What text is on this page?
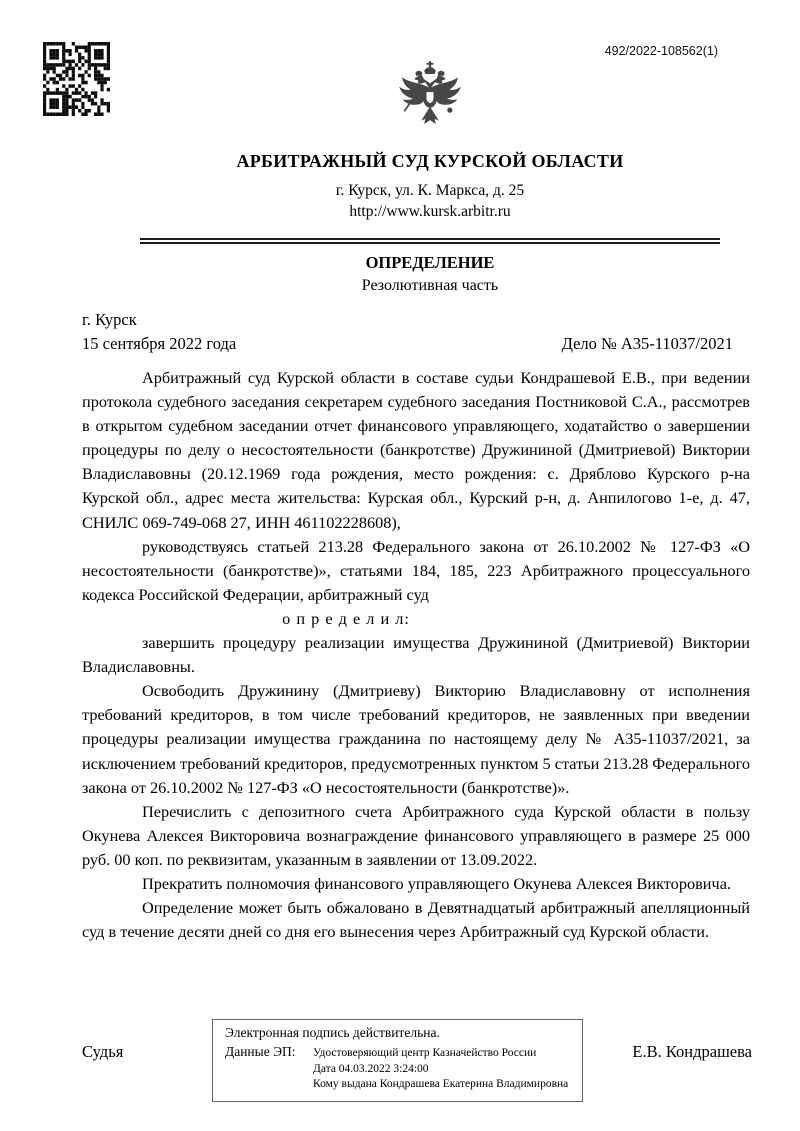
492/2022-108562(1)
АРБИТРАЖНЫЙ СУД КУРСКОЙ ОБЛАСТИ
г. Курск, ул. К. Маркса, д. 25
http://www.kursk.arbitr.ru
ОПРЕДЕЛЕНИЕ
Резолютивная часть
г. Курск
15 сентября 2022 года	Дело № А35-11037/2021

Арбитражный суд Курской области в составе судьи Кондрашевой Е.В., при ведении протокола судебного заседания секретарем судебного заседания Постниковой С.А., рассмотрев в открытом судебном заседании отчет финансового управляющего, ходатайство о завершении процедуры по делу о несостоятельности (банкротстве) Дружининой (Дмитриевой) Виктории Владиславовны (20.12.1969 года рождения, место рождения: с. Дряблово Курского р-на Курской обл., адрес места жительства: Курская обл., Курский р-н, д. Анпилогово 1-е, д. 47, СНИЛС 069-749-068 27, ИНН 461102228608),

руководствуясь статьей 213.28 Федерального закона от 26.10.2002 № 127-ФЗ «О несостоятельности (банкротстве)», статьями 184, 185, 223 Арбитражного процессуального кодекса Российской Федерации, арбитражный суд

о п р е д е л и л:

завершить процедуру реализации имущества Дружининой (Дмитриевой) Виктории Владиславовны.

Освободить Дружинину (Дмитриеву) Викторию Владиславовну от исполнения требований кредиторов, в том числе требований кредиторов, не заявленных при введении процедуры реализации имущества гражданина по настоящему делу № А35-11037/2021, за исключением требований кредиторов, предусмотренных пунктом 5 статьи 213.28 Федерального закона от 26.10.2002 № 127-ФЗ «О несостоятельности (банкротстве)».

Перечислить с депозитного счета Арбитражного суда Курской области в пользу Окунева Алексея Викторовича вознаграждение финансового управляющего в размере 25 000 руб. 00 коп. по реквизитам, указанным в заявлении от 13.09.2022.

Прекратить полномочия финансового управляющего Окунева Алексея Викторовича.

Определение может быть обжаловано в Девятнадцатый арбитражный апелляционный суд в течение десяти дней со дня его вынесения через Арбитражный суд Курской области.

Судья
Электронная подпись действительна.
Данные ЭП:	Удостоверяющий центр Казначейство России
Дата 04.03.2022 3:24:00
Кому выдана Кондрашева Екатерина Владимировна
Е.В. Кондрашева
